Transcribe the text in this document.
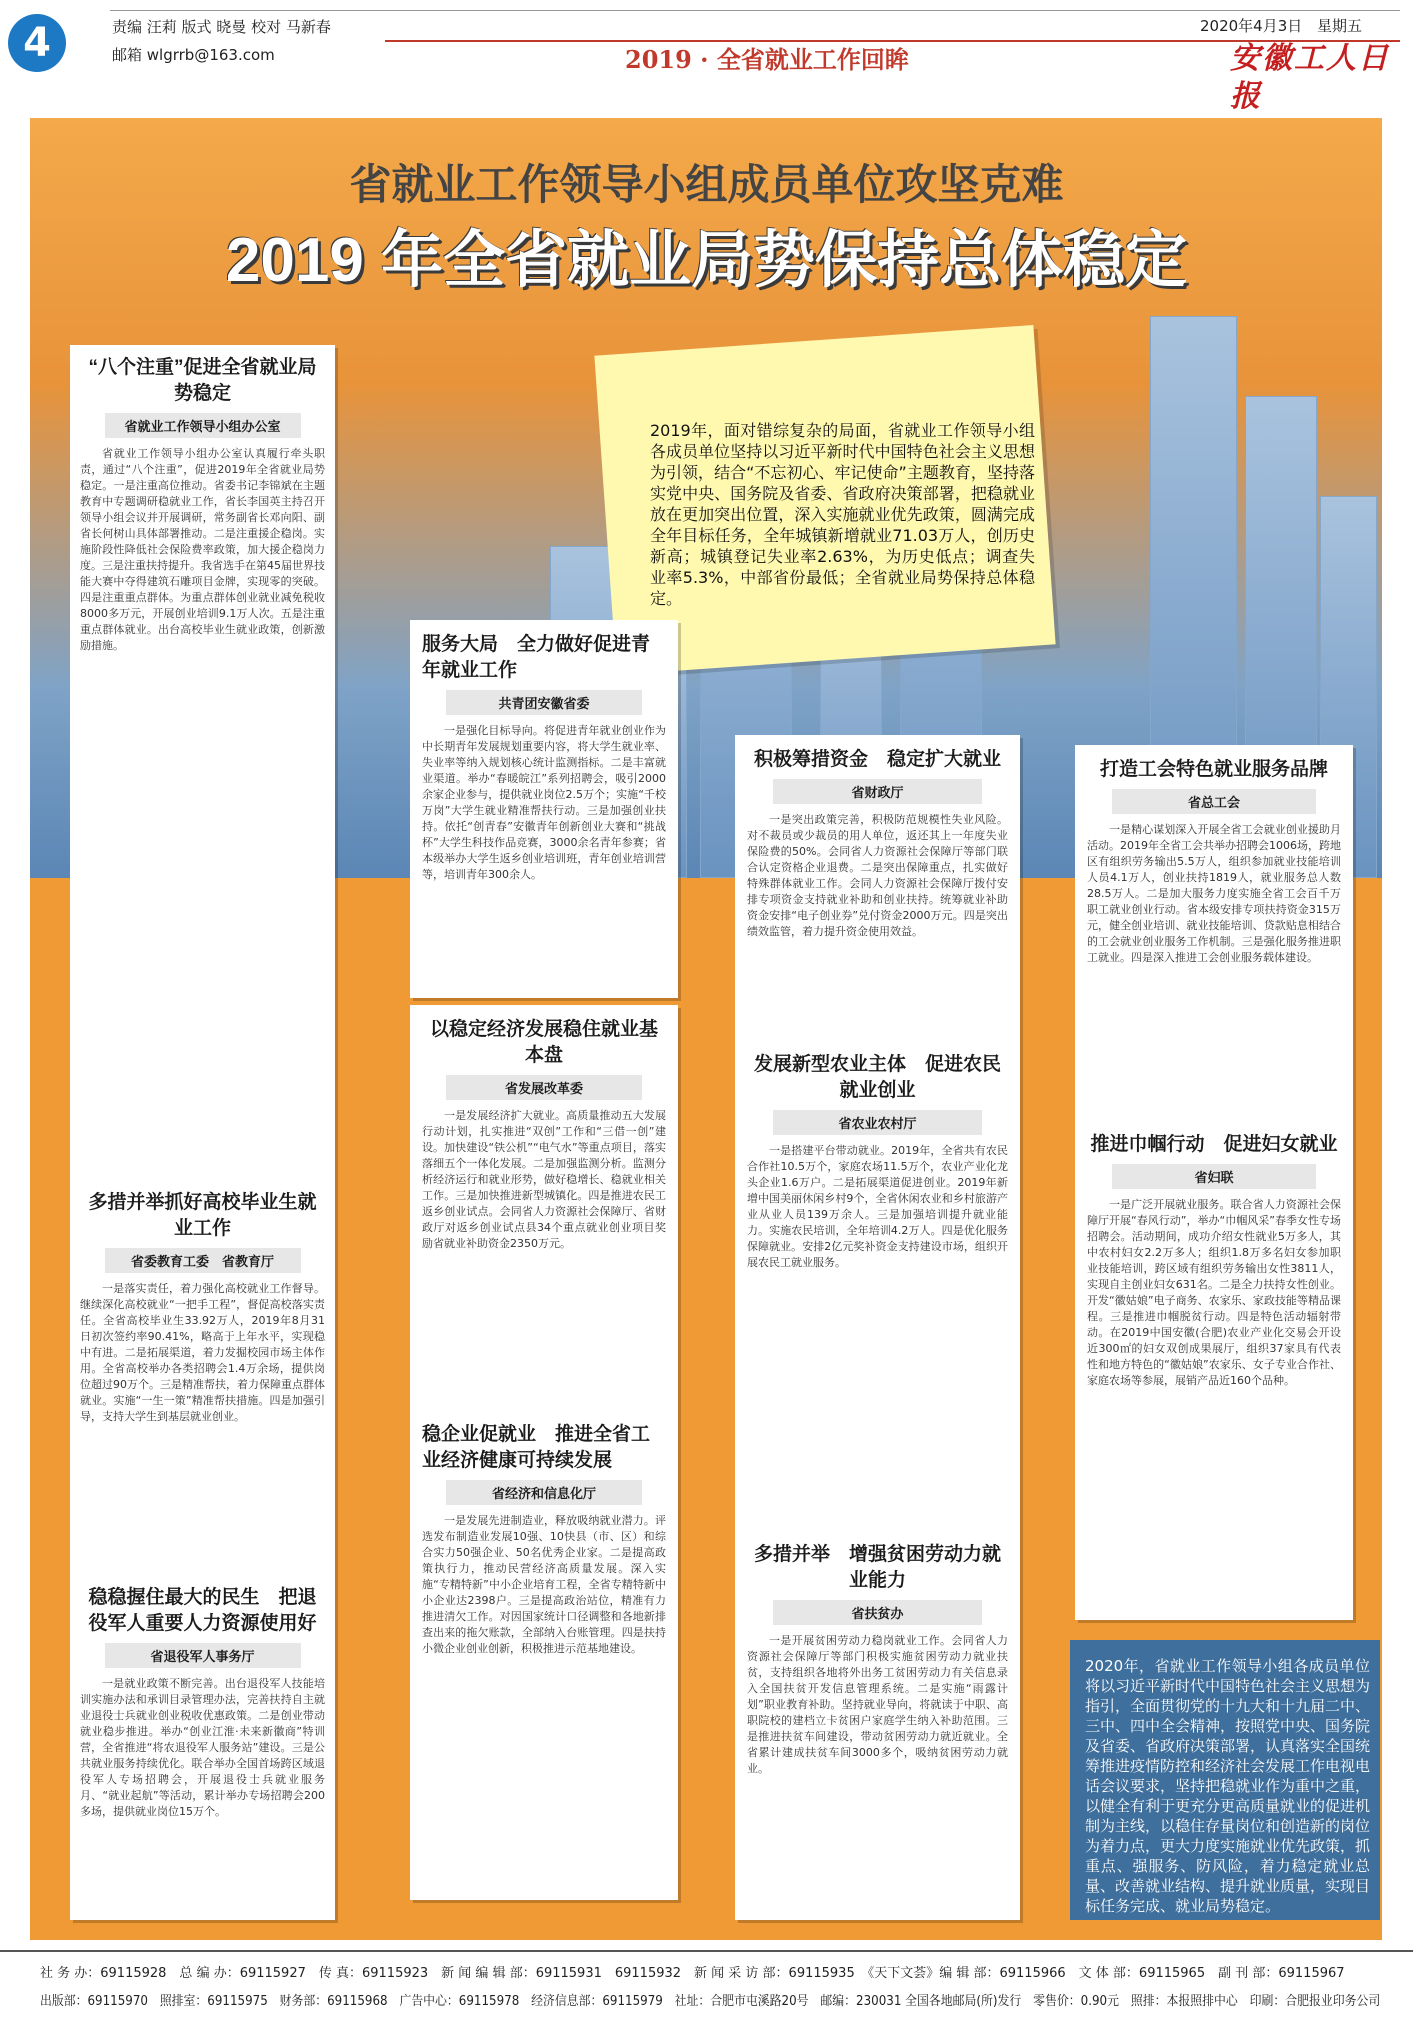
4	责编 汪莉 版式 晓曼 校对 马新春
邮箱 wlgrrb@163.com
2020年4月3日 星期五
2019 · 全省就业工作回眸	安徽工人日报
省就业工作领导小组成员单位攻坚克难
2019 年全省就业局势保持总体稳定
2019年，面对错综复杂的局面，省就业工作领导小组各成员单位坚持以习近平新时代中国特色社会主义思想为引领，结合“不忘初心、牢记使命”主题教育，坚持落实党中央、国务院及省委、省政府决策部署，把稳就业放在更加突出位置，深入实施就业优先政策，圆满完成全年目标任务，全年城镇新增就业71.03万人，创历史新高；城镇登记失业率2.63%，为历史低点；调查失业率5.3%，中部省份最低；全省就业局势保持总体稳定。
“八个注重”促进全省就业局势稳定
省就业工作领导小组办公室

省就业工作领导小组办公室认真履行牵头职责，通过“八个注重”，促进2019年全省就业局势稳定。一是注重高位推动。省委书记李锦斌在主题教育中专题调研稳就业工作，省长李国英主持召开领导小组会议并开展调研，常务副省长邓向阳、副省长何树山具体部署推动。二是注重援企稳岗。实施阶段性降低社会保险费率政策，加大援企稳岗力度。三是注重扶持提升。我省选手在第45届世界技能大赛中夺得建筑石雕项目金牌，实现零的突破。四是注重重点群体。为重点群体创业就业减免税收8000多万元，开展创业培训9.1万人次。五是注重重点群体就业。出台高校毕业生就业政策，创新激励措施。

多措并举抓好高校毕业生就业工作
省委教育工委　省教育厅

一是落实责任，着力强化高校就业工作督导。继续深化高校就业“一把手工程”，督促高校落实责任。全省高校毕业生33.92万人，2019年8月31日初次签约率90.41%，略高于上年水平，实现稳中有进。二是拓展渠道，着力发掘校园市场主体作用。全省高校举办各类招聘会1.4万余场，提供岗位超过90万个。三是精准帮扶，着力保障重点群体就业。实施“一生一策”精准帮扶措施。四是加强引导，支持大学生到基层就业创业。

稳稳握住最大的民生　把退役军人重要人力资源使用好
省退役军人事务厅

一是就业政策不断完善。出台退役军人技能培训实施办法和承训目录管理办法，完善扶持自主就业退役士兵就业创业税收优惠政策。二是创业带动就业稳步推进。举办“创业江淮·未来新徽商”特训营，全省推进“将农退役军人服务站”建设。三是公共就业服务持续优化。联合举办全国首场跨区域退役军人专场招聘会，开展退役士兵就业服务月、“就业起航”等活动，累计举办专场招聘会200多场，提供就业岗位15万个。

服务大局　全力做好促进青年就业工作
共青团安徽省委

一是强化目标导向。将促进青年就业创业作为中长期青年发展规划重要内容，将大学生就业率、失业率等纳入规划核心统计监测指标。二是丰富就业渠道。举办“春暖皖江”系列招聘会，吸引2000余家企业参与，提供就业岗位2.5万个；实施“千校万岗”大学生就业精准帮扶行动。三是加强创业扶持。依托“创青春”安徽青年创新创业大赛和“挑战杯”大学生科技作品竞赛，3000余名青年参赛；省本级举办大学生返乡创业培训班，青年创业培训营等，培训青年300余人。

以稳定经济发展稳住就业基本盘
省发展改革委

一是发展经济扩大就业。高质量推动五大发展行动计划，扎实推进“双创”工作和“三借一创”建设。加快建设“铁公机”“电气水”等重点项目，落实落细五个一体化发展。二是加强监测分析。监测分析经济运行和就业形势，做好稳增长、稳就业相关工作。三是加快推进新型城镇化。四是推进农民工返乡创业试点。会同省人力资源社会保障厅、省财政厅对返乡创业试点县34个重点就业创业项目奖励省就业补助资金2350万元。

稳企业促就业　推进全省工业经济健康可持续发展
省经济和信息化厅

一是发展先进制造业，释放吸纳就业潜力。评选发布制造业发展10强、10快县（市、区）和综合实力50强企业、50名优秀企业家。二是提高政策执行力，推动民营经济高质量发展。深入实施“专精特新”中小企业培育工程，全省专精特新中小企业达2398户。三是提高政治站位，精准有力推进清欠工作。对因国家统计口径调整和各地新排查出来的拖欠账款，全部纳入台账管理。四是扶持小微企业创业创新，积极推进示范基地建设。

积极筹措资金　稳定扩大就业
省财政厅

一是突出政策完善，积极防范规模性失业风险。对不裁员或少裁员的用人单位，返还其上一年度失业保险费的50%。会同省人力资源社会保障厅等部门联合认定资格企业退费。二是突出保障重点，扎实做好特殊群体就业工作。会同人力资源社会保障厅拨付安排专项资金支持就业补助和创业扶持。统筹就业补助资金安排“电子创业券”兑付资金2000万元。四是突出绩效监管，着力提升资金使用效益。

发展新型农业主体　促进农民就业创业
省农业农村厅

一是搭建平台带动就业。2019年，全省共有农民合作社10.5万个，家庭农场11.5万个，农业产业化龙头企业1.6万户。二是拓展渠道促进创业。2019年新增中国美丽休闲乡村9个，全省休闲农业和乡村旅游产业从业人员139万余人。三是加强培训提升就业能力。实施农民培训，全年培训4.2万人。四是优化服务保障就业。安排2亿元奖补资金支持建设市场，组织开展农民工就业服务。

多措并举　增强贫困劳动力就业能力
省扶贫办

一是开展贫困劳动力稳岗就业工作。会同省人力资源社会保障厅等部门积极实施贫困劳动力就业扶贫，支持组织各地将外出务工贫困劳动力有关信息录入全国扶贫开发信息管理系统。二是实施“雨露计划”职业教育补助。坚持就业导向，将就读于中职、高职院校的建档立卡贫困户家庭学生纳入补助范围。三是推进扶贫车间建设，带动贫困劳动力就近就业。全省累计建成扶贫车间3000多个，吸纳贫困劳动力就业。

打造工会特色就业服务品牌
省总工会

一是精心谋划深入开展全省工会就业创业援助月活动。2019年全省工会共举办招聘会1006场，跨地区有组织劳务输出5.5万人，组织参加就业技能培训人员4.1万人，创业扶持1819人，就业服务总人数28.5万人。二是加大服务力度实施全省工会百千万职工就业创业行动。省本级安排专项扶持资金315万元，健全创业培训、就业技能培训、贷款贴息相结合的工会就业创业服务工作机制。三是强化服务推进职工就业。四是深入推进工会创业服务载体建设。

推进巾帼行动　促进妇女就业
省妇联

一是广泛开展就业服务。联合省人力资源社会保障厅开展“春风行动”，举办“巾帼风采”春季女性专场招聘会。活动期间，成功介绍女性就业5万多人，其中农村妇女2.2万多人；组织1.8万多名妇女参加职业技能培训，跨区域有组织劳务输出女性3811人，实现自主创业妇女631名。二是全力扶持女性创业。开发“徽姑娘”电子商务、农家乐、家政技能等精品课程。三是推进巾帼脱贫行动。四是特色活动辐射带动。在2019中国安徽(合肥)农业产业化交易会开设近300㎡的妇女双创成果展厅，组织37家具有代表性和地方特色的“徽姑娘”农家乐、女子专业合作社、家庭农场等参展，展销产品近160个品种。

2020年，省就业工作领导小组各成员单位将以习近平新时代中国特色社会主义思想为指引，全面贯彻党的十九大和十九届二中、三中、四中全会精神，按照党中央、国务院及省委、省政府决策部署，认真落实全国统筹推进疫情防控和经济社会发展工作电视电话会议要求，坚持把稳就业作为重中之重，以健全有利于更充分更高质量就业的促进机制为主线，以稳住存量岗位和创造新的岗位为着力点，更大力度实施就业优先政策，抓重点、强服务、防风险，着力稳定就业总量、改善就业结构、提升就业质量，实现目标任务完成、就业局势稳定。
社 务 办：69115928　总 编 办：69115927　传 真：69115923　新 闻 编 辑 部：69115931　69115932　新 闻 采 访 部：69115935　《天下文荟》编 辑 部：69115966　文 体 部：69115965　副 刊 部：69115967
出版部：69115970　照排室：69115975　财务部：69115968　广告中心：69115978　经济信息部：69115979　社址：合肥市屯溪路20号　邮编：230031 全国各地邮局(所)发行　零售价：0.90元　照排：本报照排中心　印刷：合肥报业印务公司
